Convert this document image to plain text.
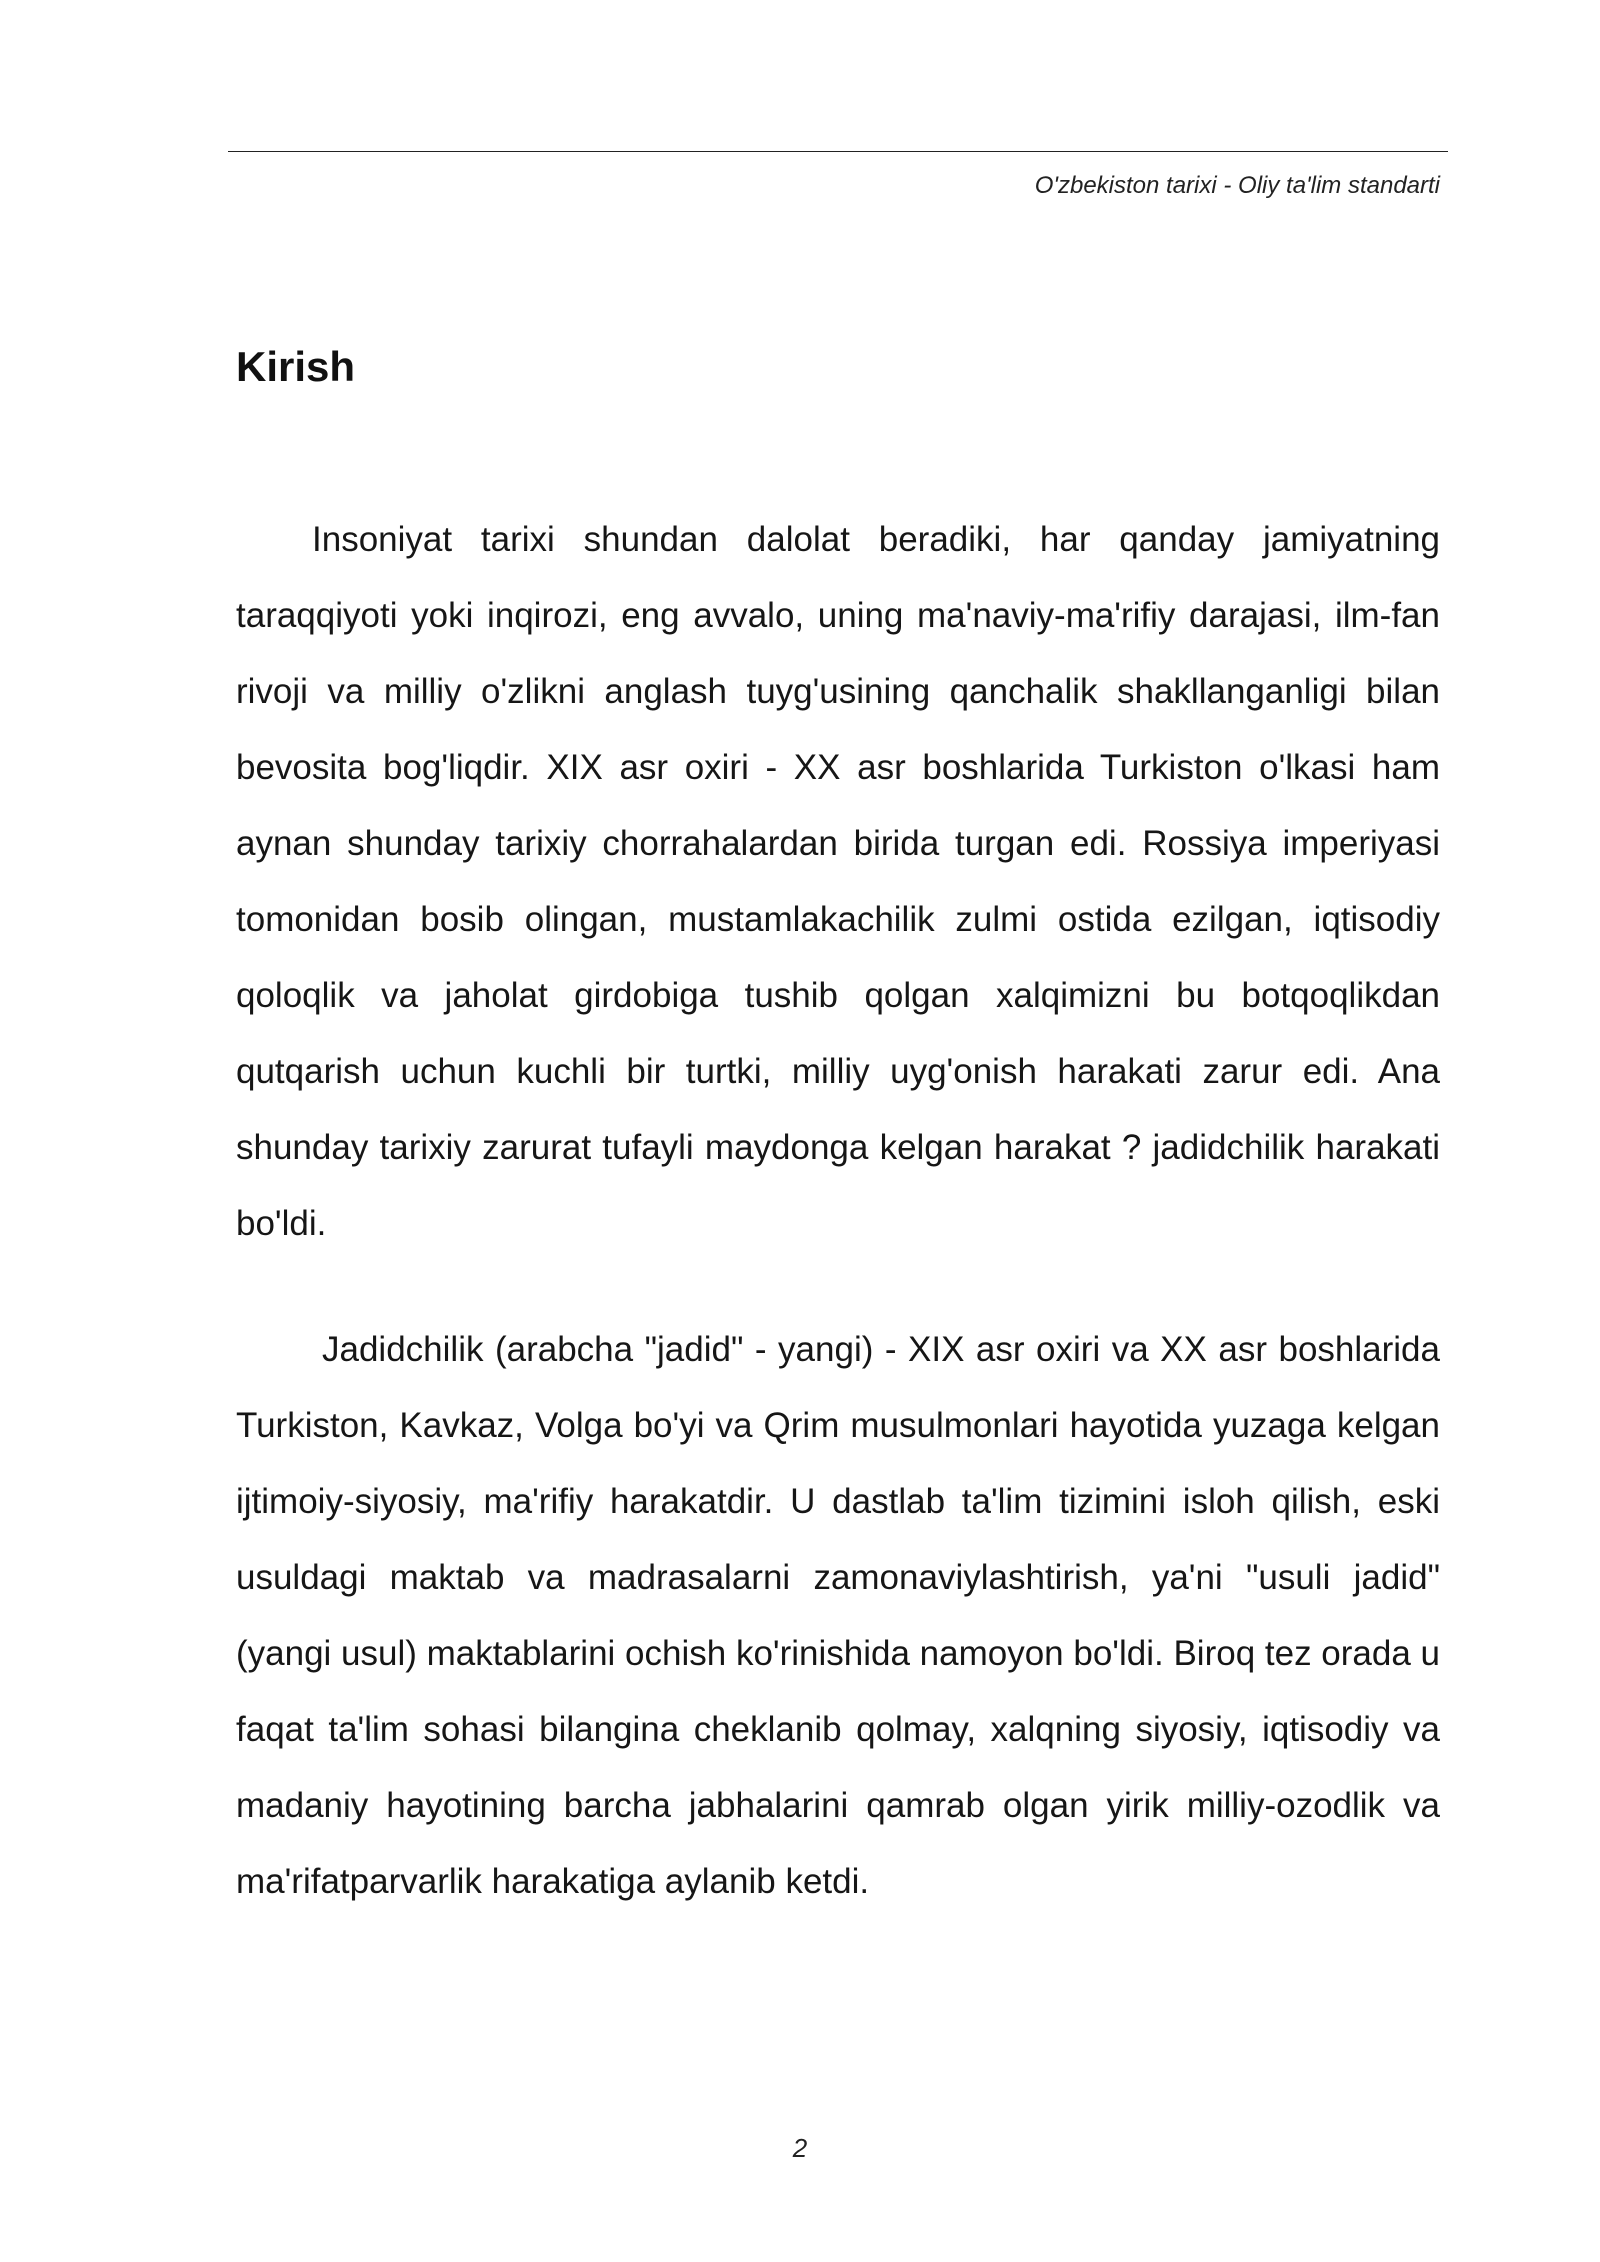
O'zbekiston tarixi - Oliy ta'lim standarti
Kirish

Insoniyat tarixi shundan dalolat beradiki, har qanday jamiyatning taraqqiyoti yoki inqirozi, eng avvalo, uning ma'naviy-ma'rifiy darajasi, ilm-fan rivoji va milliy o'zlikni anglash tuyg'usining qanchalik shakllanganligi bilan bevosita bog'liqdir. XIX asr oxiri - XX asr boshlarida Turkiston o'lkasi ham aynan shunday tarixiy chorrahalardan birida turgan edi. Rossiya imperiyasi tomonidan bosib olingan, mustamlakachilik zulmi ostida ezilgan, iqtisodiy qoloqlik va jaholat girdobiga tushib qolgan xalqimizni bu botqoqlikdan qutqarish uchun kuchli bir turtki, milliy uyg'onish harakati zarur edi. Ana shunday tarixiy zarurat tufayli maydonga kelgan harakat ? jadidchilik harakati bo'ldi.

Jadidchilik (arabcha "jadid" - yangi) - XIX asr oxiri va XX asr boshlarida Turkiston, Kavkaz, Volga bo'yi va Qrim musulmonlari hayotida yuzaga kelgan ijtimoiy-siyosiy, ma'rifiy harakatdir. U dastlab ta'lim tizimini isloh qilish, eski usuldagi maktab va madrasalarni zamonaviylashtirish, ya'ni "usuli jadid" (yangi usul) maktablarini ochish ko'rinishida namoyon bo'ldi. Biroq tez orada u faqat ta'lim sohasi bilangina cheklanib qolmay, xalqning siyosiy, iqtisodiy va madaniy hayotining barcha jabhalarini qamrab olgan yirik milliy-ozodlik va ma'rifatparvarlik harakatiga aylanib ketdi.

2
